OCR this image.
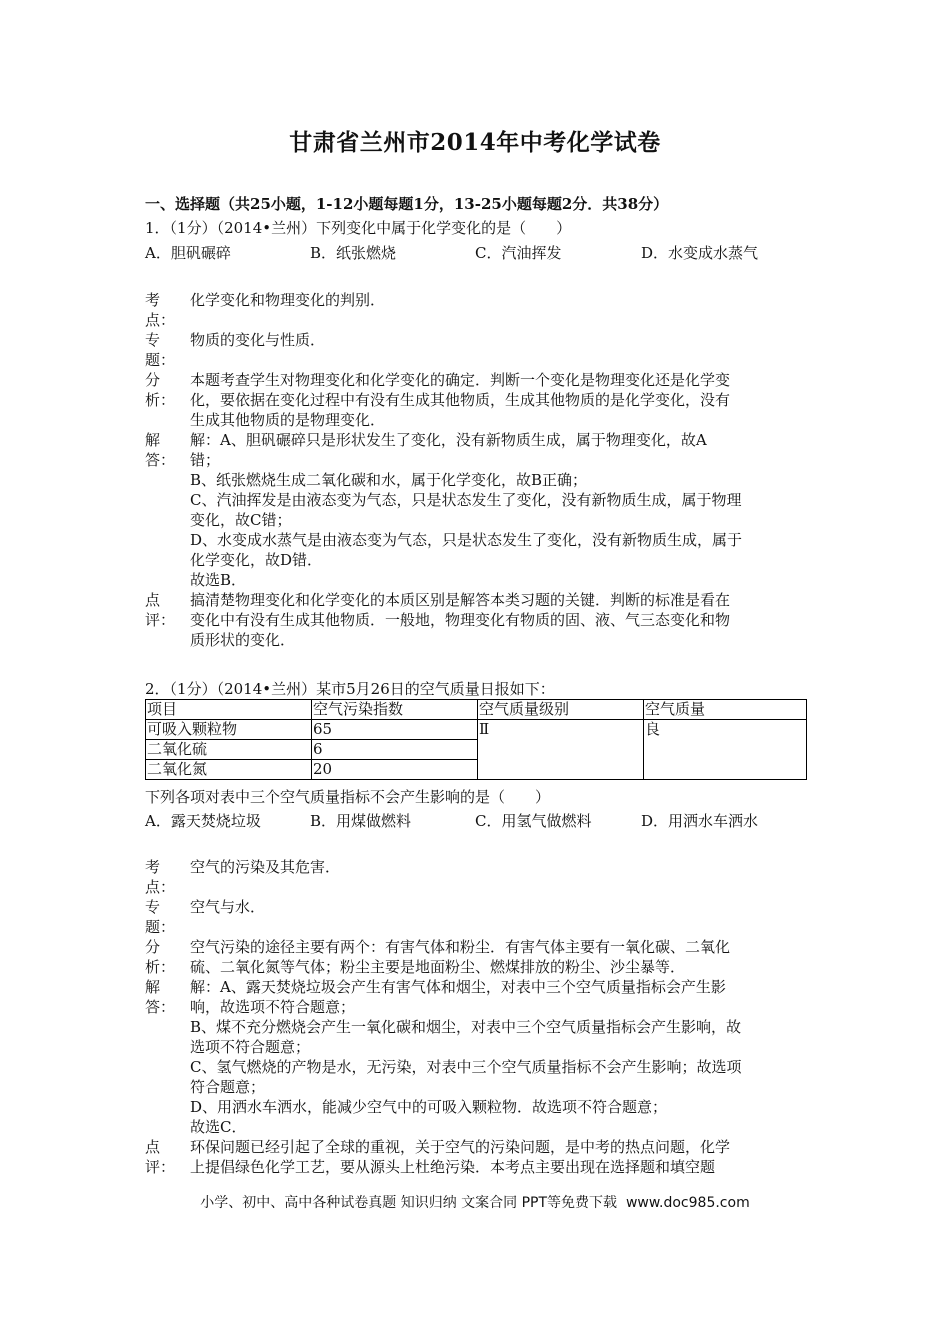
甘肃省兰州市2014年中考化学试卷
一、选择题（共25小题，1-12小题每题1分，13-25小题每题2分．共38分）
1．（1分）（2014•兰州）下列变化中属于化学变化的是（　　）
A．胆矾碾碎	B．纸张燃烧	C．汽油挥发	D．水变成水蒸气
考点：
化学变化和物理变化的判别．
专题：
物质的变化与性质．
分析：
本题考查学生对物理变化和化学变化的确定．判断一个变化是物理变化还是化学变
化，要依据在变化过程中有没有生成其他物质，生成其他物质的是化学变化，没有
生成其他物质的是物理变化．
解答：
解：A、胆矾碾碎只是形状发生了变化，没有新物质生成，属于物理变化，故A
错；
B、纸张燃烧生成二氧化碳和水，属于化学变化，故B正确；
C、汽油挥发是由液态变为气态，只是状态发生了变化，没有新物质生成，属于物理
变化，故C错；
D、水变成水蒸气是由液态变为气态，只是状态发生了变化，没有新物质生成，属于
化学变化，故D错．
故选B．
点评：
搞清楚物理变化和化学变化的本质区别是解答本类习题的关键．判断的标准是看在
变化中有没有生成其他物质．一般地，物理变化有物质的固、液、气三态变化和物
质形状的变化．
2．（1分）（2014•兰州）某市5月26日的空气质量日报如下：
项目	空气污染指数	空气质量级别	空气质量
可吸入颗粒物	65	Ⅱ	良
二氧化硫	6		
二氧化氮	20		
下列各项对表中三个空气质量指标不会产生影响的是（　　）
A．露天焚烧垃圾	B．用煤做燃料	C．用氢气做燃料	D．用洒水车洒水
考点：
空气的污染及其危害．
专题：
空气与水．
分析：
空气污染的途径主要有两个：有害气体和粉尘．有害气体主要有一氧化碳、二氧化
硫、二氧化氮等气体；粉尘主要是地面粉尘、燃煤排放的粉尘、沙尘暴等．
解答：
解：A、露天焚烧垃圾会产生有害气体和烟尘，对表中三个空气质量指标会产生影
响，故选项不符合题意；
B、煤不充分燃烧会产生一氧化碳和烟尘，对表中三个空气质量指标会产生影响，故
选项不符合题意；
C、氢气燃烧的产物是水，无污染，对表中三个空气质量指标不会产生影响；故选项
符合题意；
D、用洒水车洒水，能减少空气中的可吸入颗粒物．故选项不符合题意；
故选C．
点评：
环保问题已经引起了全球的重视，关于空气的污染问题，是中考的热点问题，化学
上提倡绿色化学工艺，要从源头上杜绝污染．本考点主要出现在选择题和填空题
小学、初中、高中各种试卷真题 知识归纳 文案合同 PPT等免费下载 www.doc985.com
